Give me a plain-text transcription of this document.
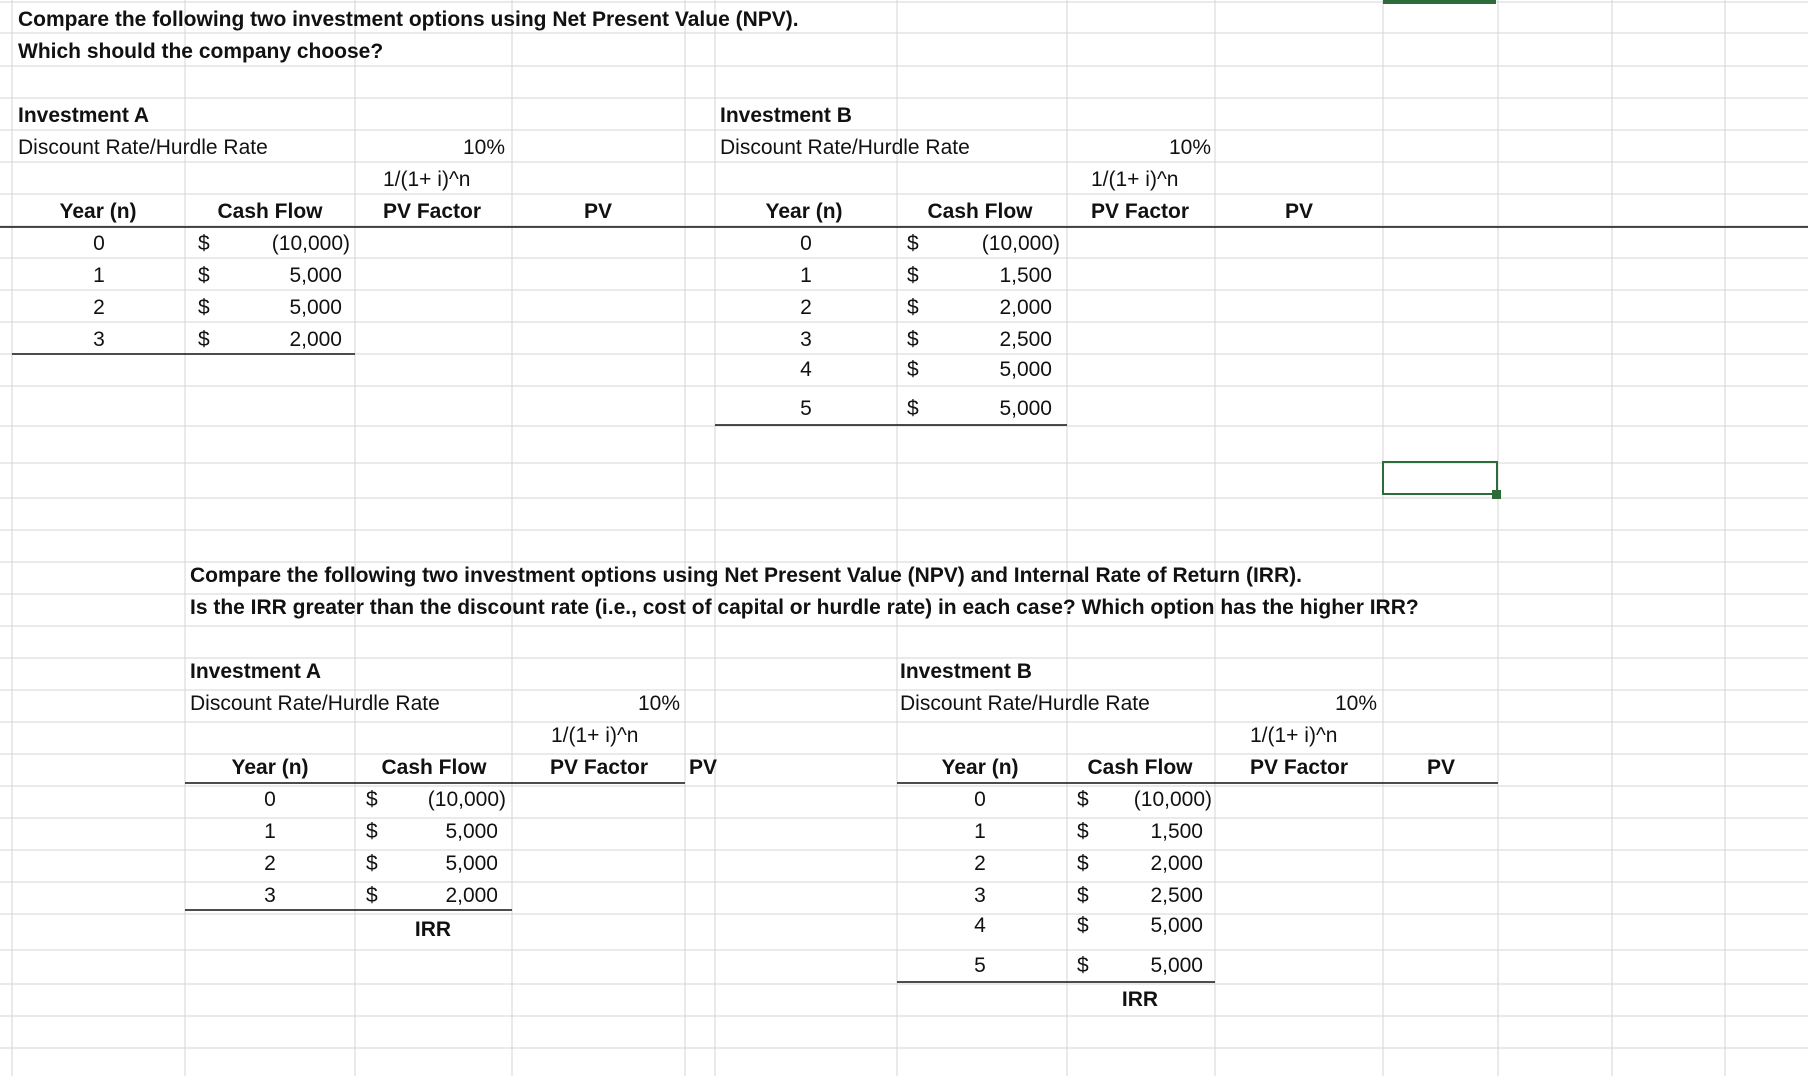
Compare the following two investment options using Net Present Value (NPV).
Which should the company choose?
Investment A
Discount Rate/Hurdle Rate	10%
1/(1+ i)^n
Year (n)	Cash Flow	PV Factor	PV
0	$	(10,000)
1	$	5,000
2	$	5,000
3	$	2,000
Investment B
Discount Rate/Hurdle Rate	10%
1/(1+ i)^n
Year (n)	Cash Flow	PV Factor	PV
0	$	(10,000)
1	$	1,500
2	$	2,000
3	$	2,500
4	$	5,000
5	$	5,000
Compare the following two investment options using Net Present Value (NPV) and Internal Rate of Return (IRR).
Is the IRR greater than the discount rate (i.e., cost of capital or hurdle rate) in each case? Which option has the higher IRR?
Investment A
Discount Rate/Hurdle Rate	10%
1/(1+ i)^n
Year (n)	Cash Flow	PV Factor PV
0	$ (10,000)
1	$	5,000
2	$	5,000
3	$	2,000
IRR
Investment B
Discount Rate/Hurdle Rate	10%
1/(1+ i)^n
Year (n)	Cash Flow	PV Factor	PV
0	$ (10,000)
1	$	1,500
2	$	2,000
3	$	2,500
4	$	5,000
5	$	5,000
IRR
